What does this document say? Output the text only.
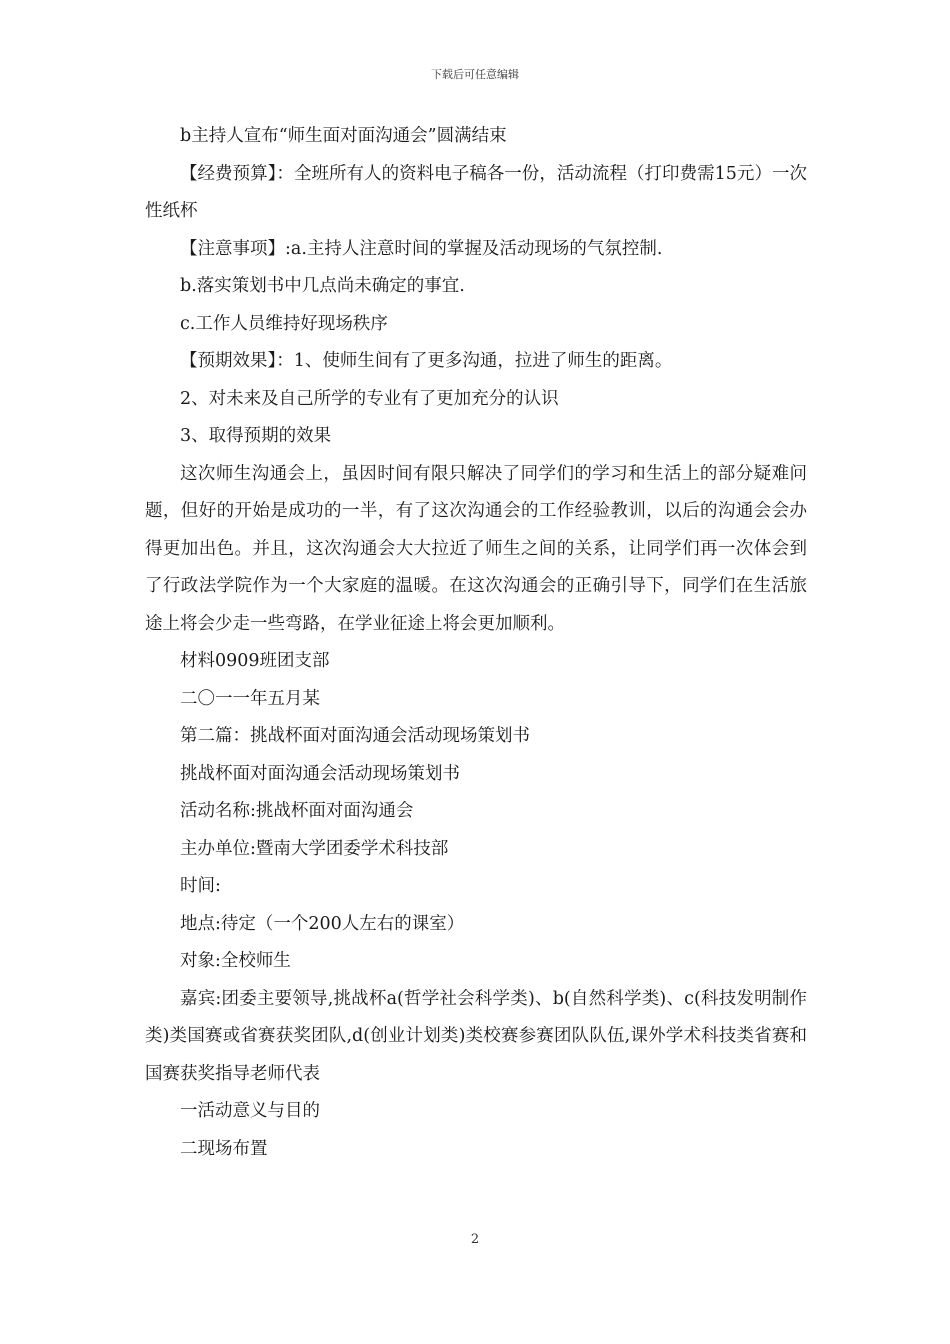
下载后可任意编辑

b主持人宣布“师生面对面沟通会”圆满结束

【经费预算】：全班所有人的资料电子稿各一份，活动流程（打印费需15元）一次性纸杯

【注意事项】:a.主持人注意时间的掌握及活动现场的气氛控制.

b.落实策划书中几点尚未确定的事宜.

c.工作人员维持好现场秩序

【预期效果】：1、使师生间有了更多沟通，拉进了师生的距离。

2、对未来及自己所学的专业有了更加充分的认识

3、取得预期的效果

这次师生沟通会上，虽因时间有限只解决了同学们的学习和生活上的部分疑难问题，但好的开始是成功的一半，有了这次沟通会的工作经验教训，以后的沟通会会办得更加出色。并且，这次沟通会大大拉近了师生之间的关系，让同学们再一次体会到了行政法学院作为一个大家庭的温暖。在这次沟通会的正确引导下，同学们在生活旅途上将会少走一些弯路，在学业征途上将会更加顺利。

材料0909班团支部

二〇一一年五月某

第二篇：挑战杯面对面沟通会活动现场策划书

挑战杯面对面沟通会活动现场策划书

活动名称:挑战杯面对面沟通会

主办单位:暨南大学团委学术科技部

时间:

地点:待定（一个200人左右的课室）

对象:全校师生

嘉宾:团委主要领导,挑战杯a(哲学社会科学类)、b(自然科学类)、c(科技发明制作类)类国赛或省赛获奖团队,d(创业计划类)类校赛参赛团队队伍,课外学术科技类省赛和国赛获奖指导老师代表

一活动意义与目的

二现场布置

2
